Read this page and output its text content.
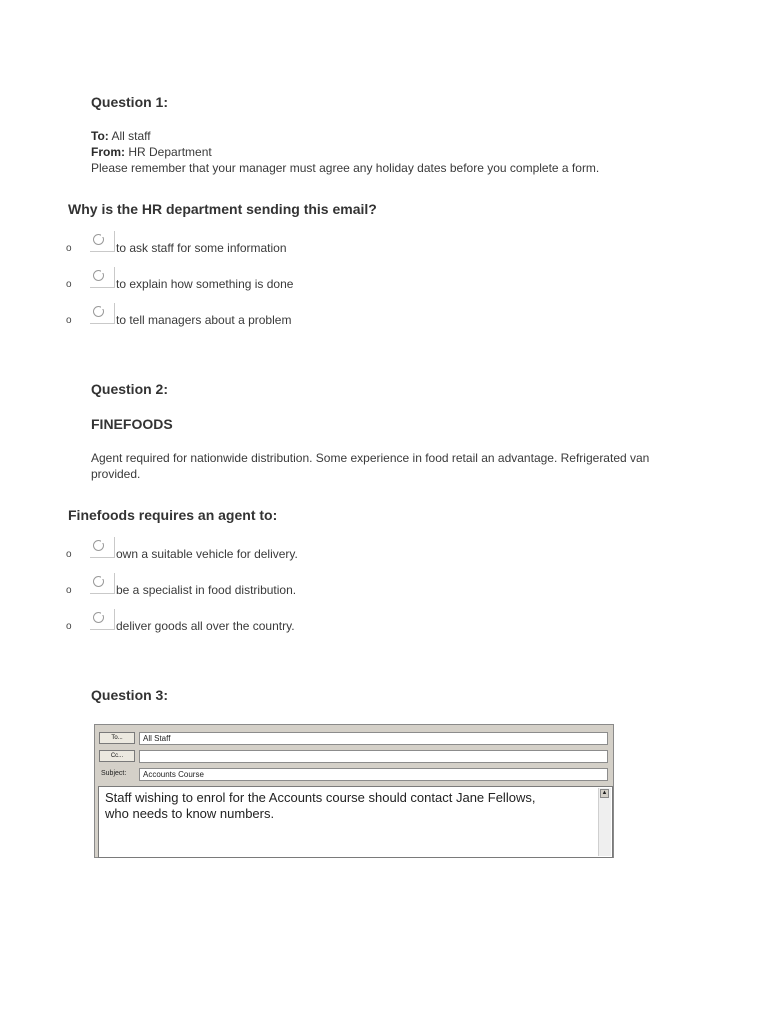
Question 1:
To: All staff
From: HR Department
Please remember that your manager must agree any holiday dates before you complete a form.
Why is the HR department sending this email?
o	to ask staff for some information
o	to explain how something is done
o	to tell managers about a problem
Question 2:
FINEFOODS
Agent required for nationwide distribution. Some experience in food retail an advantage. Refrigerated van
provided.
Finefoods requires an agent to:
o	own a suitable vehicle for delivery.
o	be a specialist in food distribution.
o	deliver goods all over the country.
Question 3:
To...	All Staff
Cc...
Subject:	Accounts Course
Staff wishing to enrol for the Accounts course should contact Jane Fellows,
who needs to know numbers.
▲
